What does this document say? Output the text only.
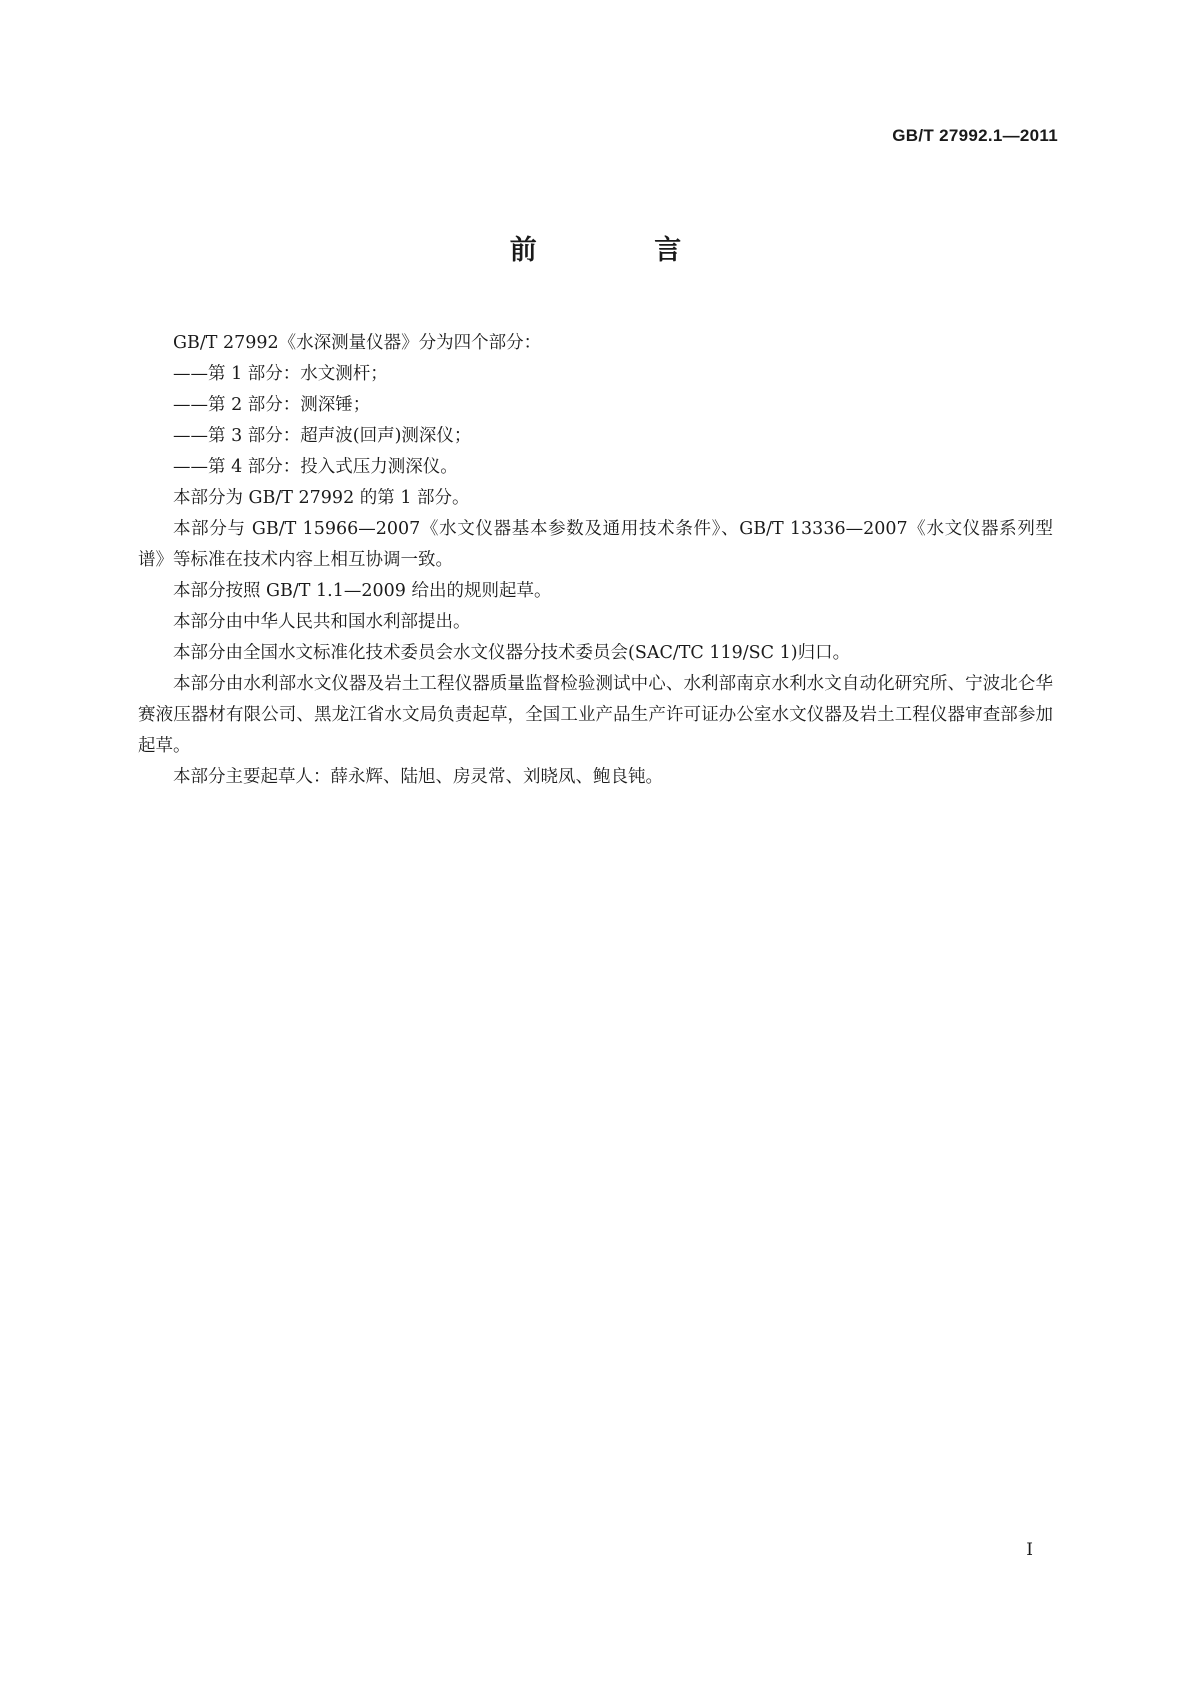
GB/T 27992.1—2011
前 言

GB/T 27992《水深测量仪器》分为四个部分：

——第 1 部分：水文测杆；

——第 2 部分：测深锤；

——第 3 部分：超声波(回声)测深仪；

——第 4 部分：投入式压力测深仪。

本部分为 GB/T 27992 的第 1 部分。

本部分与 GB/T 15966—2007《水文仪器基本参数及通用技术条件》、GB/T 13336—2007《水文仪器系列型谱》等标准在技术内容上相互协调一致。

本部分按照 GB/T 1.1—2009 给出的规则起草。

本部分由中华人民共和国水利部提出。

本部分由全国水文标准化技术委员会水文仪器分技术委员会(SAC/TC 119/SC 1)归口。

本部分由水利部水文仪器及岩土工程仪器质量监督检验测试中心、水利部南京水利水文自动化研究所、宁波北仑华赛液压器材有限公司、黑龙江省水文局负责起草，全国工业产品生产许可证办公室水文仪器及岩土工程仪器审查部参加起草。

本部分主要起草人：薛永辉、陆旭、房灵常、刘晓凤、鲍良钝。

I
